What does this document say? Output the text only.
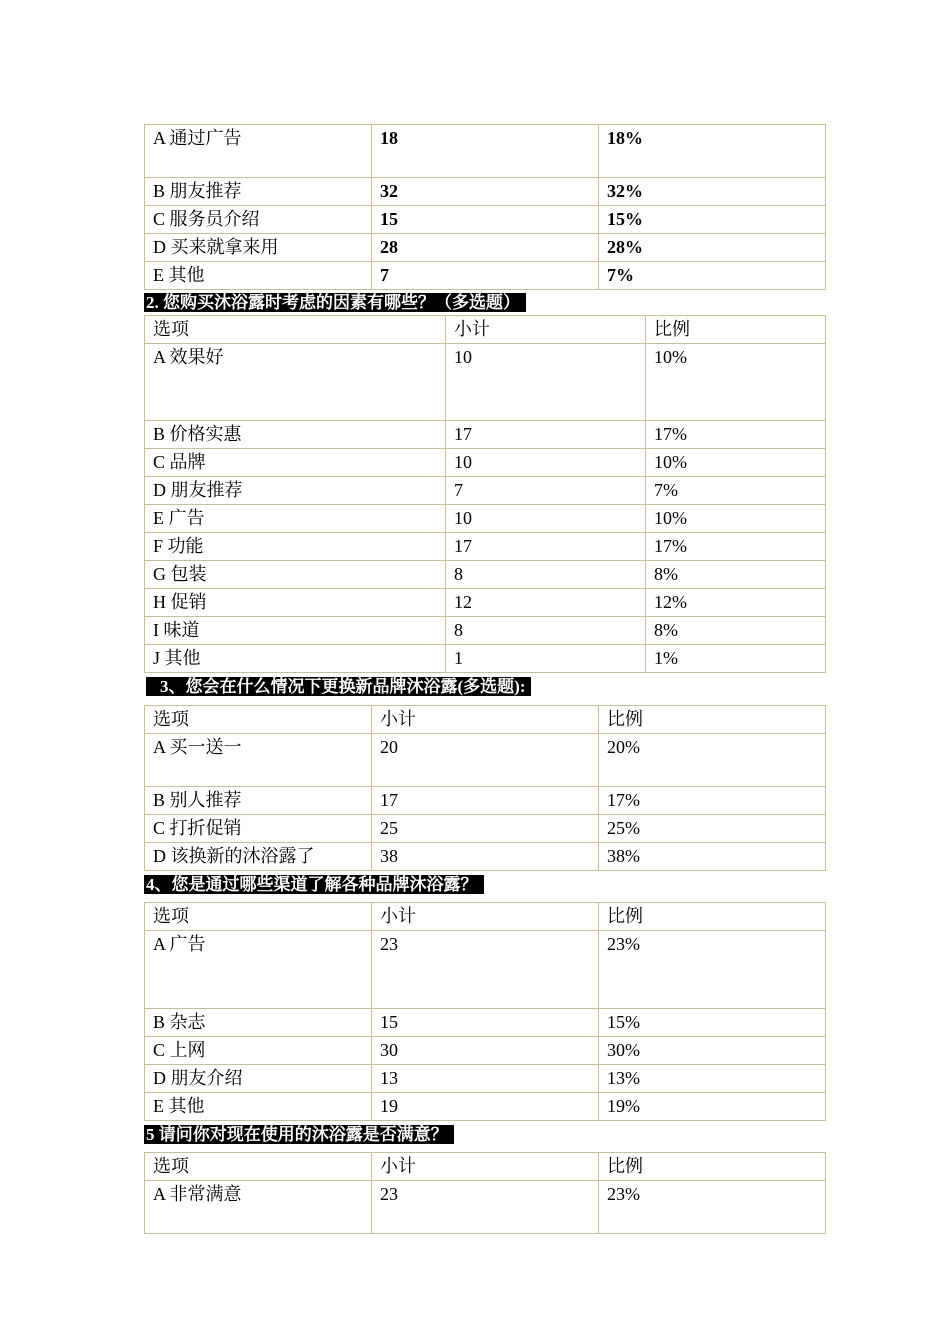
A 通过广告	18	18%
B 朋友推荐	32	32%
C 服务员介绍	15	15%
D 买来就拿来用	28	28%
E 其他	7	7%
2. 您购买沐浴露时考虑的因素有哪些？（多选题）
选项	小计	比例
A 效果好	10	10%
B 价格实惠	17	17%
C 品牌	10	10%
D 朋友推荐	7	7%
E 广告	10	10%
F 功能	17	17%
G 包装	8	8%
H 促销	12	12%
I 味道	8	8%
J 其他	1	1%
3、您会在什么情况下更换新品牌沐浴露(多选题):
选项	小计	比例
A 买一送一	20	20%
B 别人推荐	17	17%
C 打折促销	25	25%
D 该换新的沐浴露了	38	38%
4、您是通过哪些渠道了解各种品牌沐浴露？
选项	小计	比例
A 广告	23	23%
B 杂志	15	15%
C 上网	30	30%
D 朋友介绍	13	13%
E 其他	19	19%
5 请问你对现在使用的沐浴露是否满意？
选项	小计	比例
A 非常满意	23	23%
